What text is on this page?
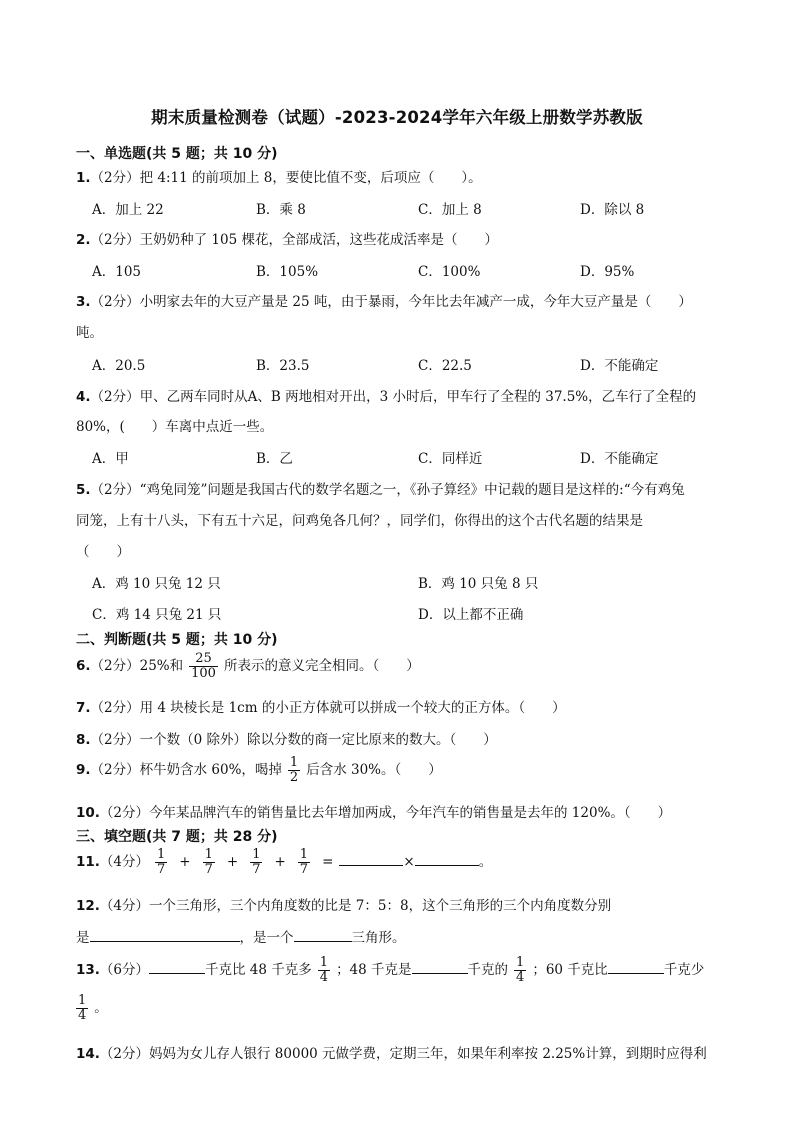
期末质量检测卷（试题）-2023-2024学年六年级上册数学苏教版
一、单选题(共 5 题；共 10 分)
1.（2分）把 4:11 的前项加上 8，要使比值不变，后项应（　　）。
A．加上 22	B．乘 8	C．加上 8	D．除以 8
2.（2分）王奶奶种了 105 棵花，全部成活，这些花成活率是（　　）
A．105	B．105%	C．100%	D．95%
3.（2分）小明家去年的大豆产量是 25 吨，由于暴雨，今年比去年减产一成，今年大豆产量是（　　）
吨。
A．20.5	B．23.5	C．22.5	D．不能确定
4.（2分）甲、乙两车同时从A、B 两地相对开出，3 小时后，甲车行了全程的 37.5%，乙车行了全程的
80%，(　　）车离中点近一些。
A．甲	B．乙	C．同样近	D．不能确定
5.（2分）“鸡兔同笼”问题是我国古代的数学名题之一，《孙子算经》中记载的题目是这样的:“今有鸡兔
同笼，上有十八头，下有五十六足，问鸡兔各几何？，同学们，你得出的这个古代名题的结果是
（　　）
A．鸡 10 只兔 12 只	B．鸡 10 只兔 8 只
C．鸡 14 只兔 21 只	D．以上都不正确
二、判断题(共 5 题；共 10 分)
6.（2分）25%和 $\frac{25}{100}$ 所表示的意义完全相同。（　　）
7.（2分）用 4 块棱长是 1cm 的小正方体就可以拼成一个较大的正方体。（　　）
8.（2分）一个数（0 除外）除以分数的商一定比原来的数大。（　　）
9.（2分）杯牛奶含水 60%，喝掉 $\frac{1}{2}$ 后含水 30%。（　　）
10.（2分）今年某品牌汽车的销售量比去年增加两成，今年汽车的销售量是去年的 120%。（　　）
三、填空题(共 7 题；共 28 分)
11.（4分） $\frac{1}{7} + \frac{1}{7} + \frac{1}{7} + \frac{1}{7}$ =	×	。
12.（4分）一个三角形，三个内角度数的比是 7：5：8，这个三角形的三个内角度数分别
是	，是一个	三角形。
13.（6分）	千克比 48 千克多 $\frac{1}{4}$ ；48 千克是	千克的 $\frac{1}{4}$ ；60 千克比	千克少
$\frac{1}{4}$ 。
14.（2分）妈妈为女儿存人银行 80000 元做学费，定期三年，如果年利率按 2.25%计算，到期时应得利
